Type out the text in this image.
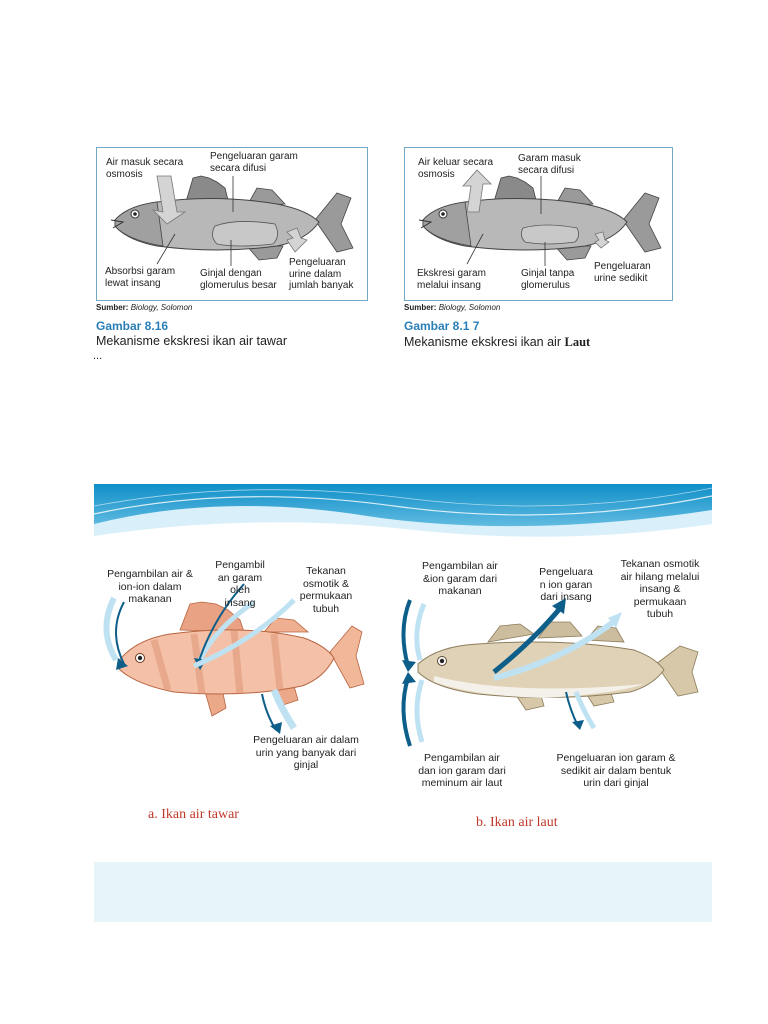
Air masuk secara
osmosis
Pengeluaran garam
secara difusi
Absorbsi garam
lewat insang
Ginjal dengan
glomerulus besar
Pengeluaran
urine dalam
jumlah banyak
Sumber: Biology, Solomon
Gambar 8.16
Mekanisme ekskresi ikan air tawar
...
Air keluar secara
osmosis
Garam masuk
secara difusi
Ekskresi garam
melalui insang
Ginjal tanpa
glomerulus
Pengeluaran
urine sedikit
Sumber: Biology, Solomon
Gambar 8.1 7
Mekanisme ekskresi ikan air Laut
Pengambilan air &
ion-ion dalam
makanan
Pengambil
an garam
oleh
insang
Tekanan
osmotik &
permukaan
tubuh
Pengeluaran air dalam
urin yang banyak dari
ginjal
a. Ikan air tawar
Pengambilan air
&ion garam dari
makanan
Pengeluara
n ion garan
dari insang
Tekanan osmotik
air hilang melalui
insang &
permukaan
tubuh
Pengambilan air
dan ion garam dari
meminum air laut
Pengeluaran ion garam &
sedikit air dalam bentuk
urin dari ginjal
b. Ikan air laut
